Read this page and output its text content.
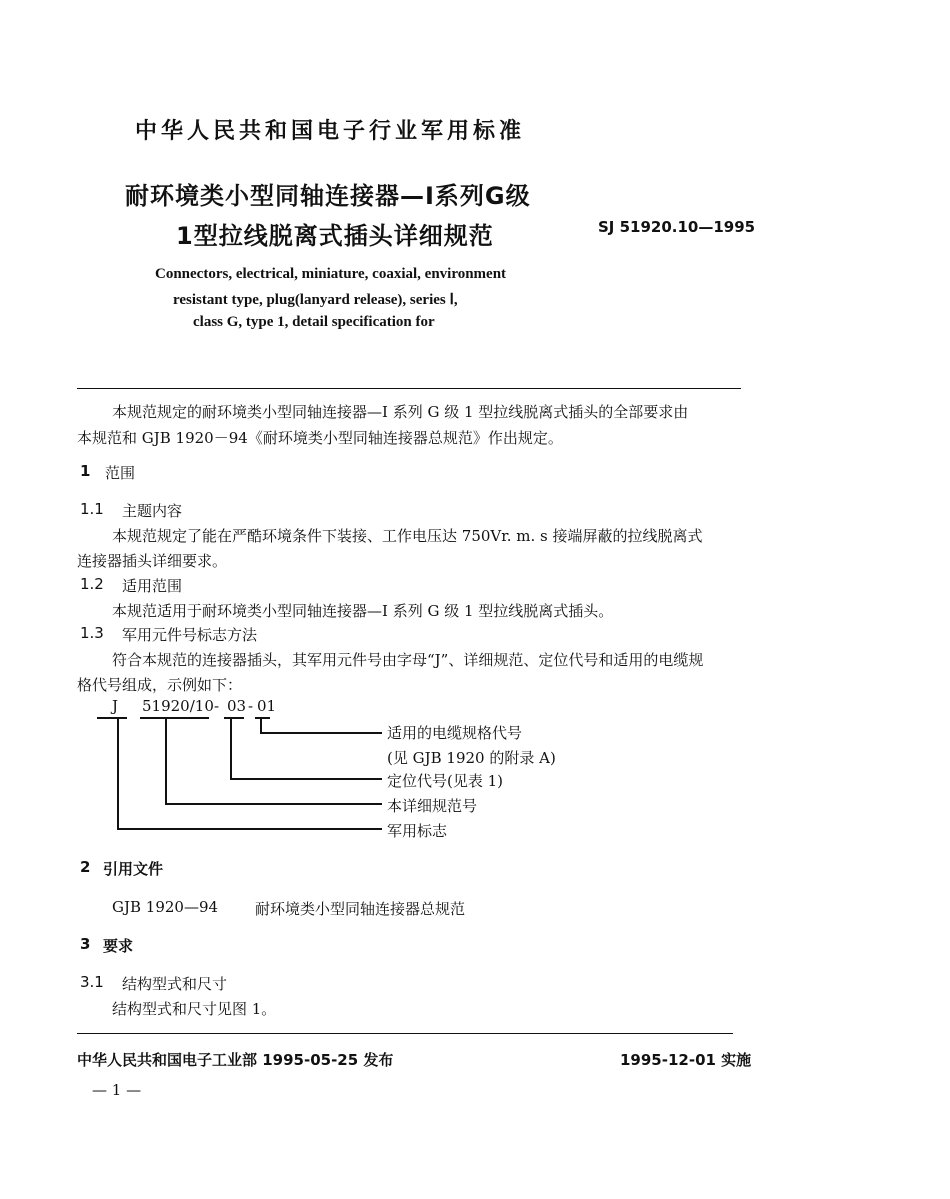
中华人民共和国电子行业军用标准
耐环境类小型同轴连接器—Ⅰ系列G级
1型拉线脱离式插头详细规范	SJ 51920.10—1995
Connectors, electrical, miniature, coaxial, environment
resistant type, plug(lanyard release), series Ⅰ,
class G, type 1, detail specification for
本规范规定的耐环境类小型同轴连接器—I 系列 G 级 1 型拉线脱离式插头的全部要求由
本规范和 GJB 1920－94《耐环境类小型同轴连接器总规范》作出规定。
1 范围
1.1 主题内容
本规范规定了能在严酷环境条件下装接、工作电压达 750Vr. m. s 接端屏蔽的拉线脱离式
连接器插头详细要求。
1.2 适用范围
本规范适用于耐环境类小型同轴连接器—I 系列 G 级 1 型拉线脱离式插头。
1.3 军用元件号标志方法
符合本规范的连接器插头，其军用元件号由字母“J”、详细规范、定位代号和适用的电缆规
格代号组成，示例如下：
J 51920/10 - 03 - 01
适用的电缆规格代号
(见 GJB 1920 的附录 A)
定位代号(见表 1)
本详细规范号
军用标志
2 引用文件
GJB 1920—94 耐环境类小型同轴连接器总规范
3 要求
3.1 结构型式和尺寸
结构型式和尺寸见图 1。
中华人民共和国电子工业部 1995-05-25 发布	1995-12-01 实施
— 1 —
